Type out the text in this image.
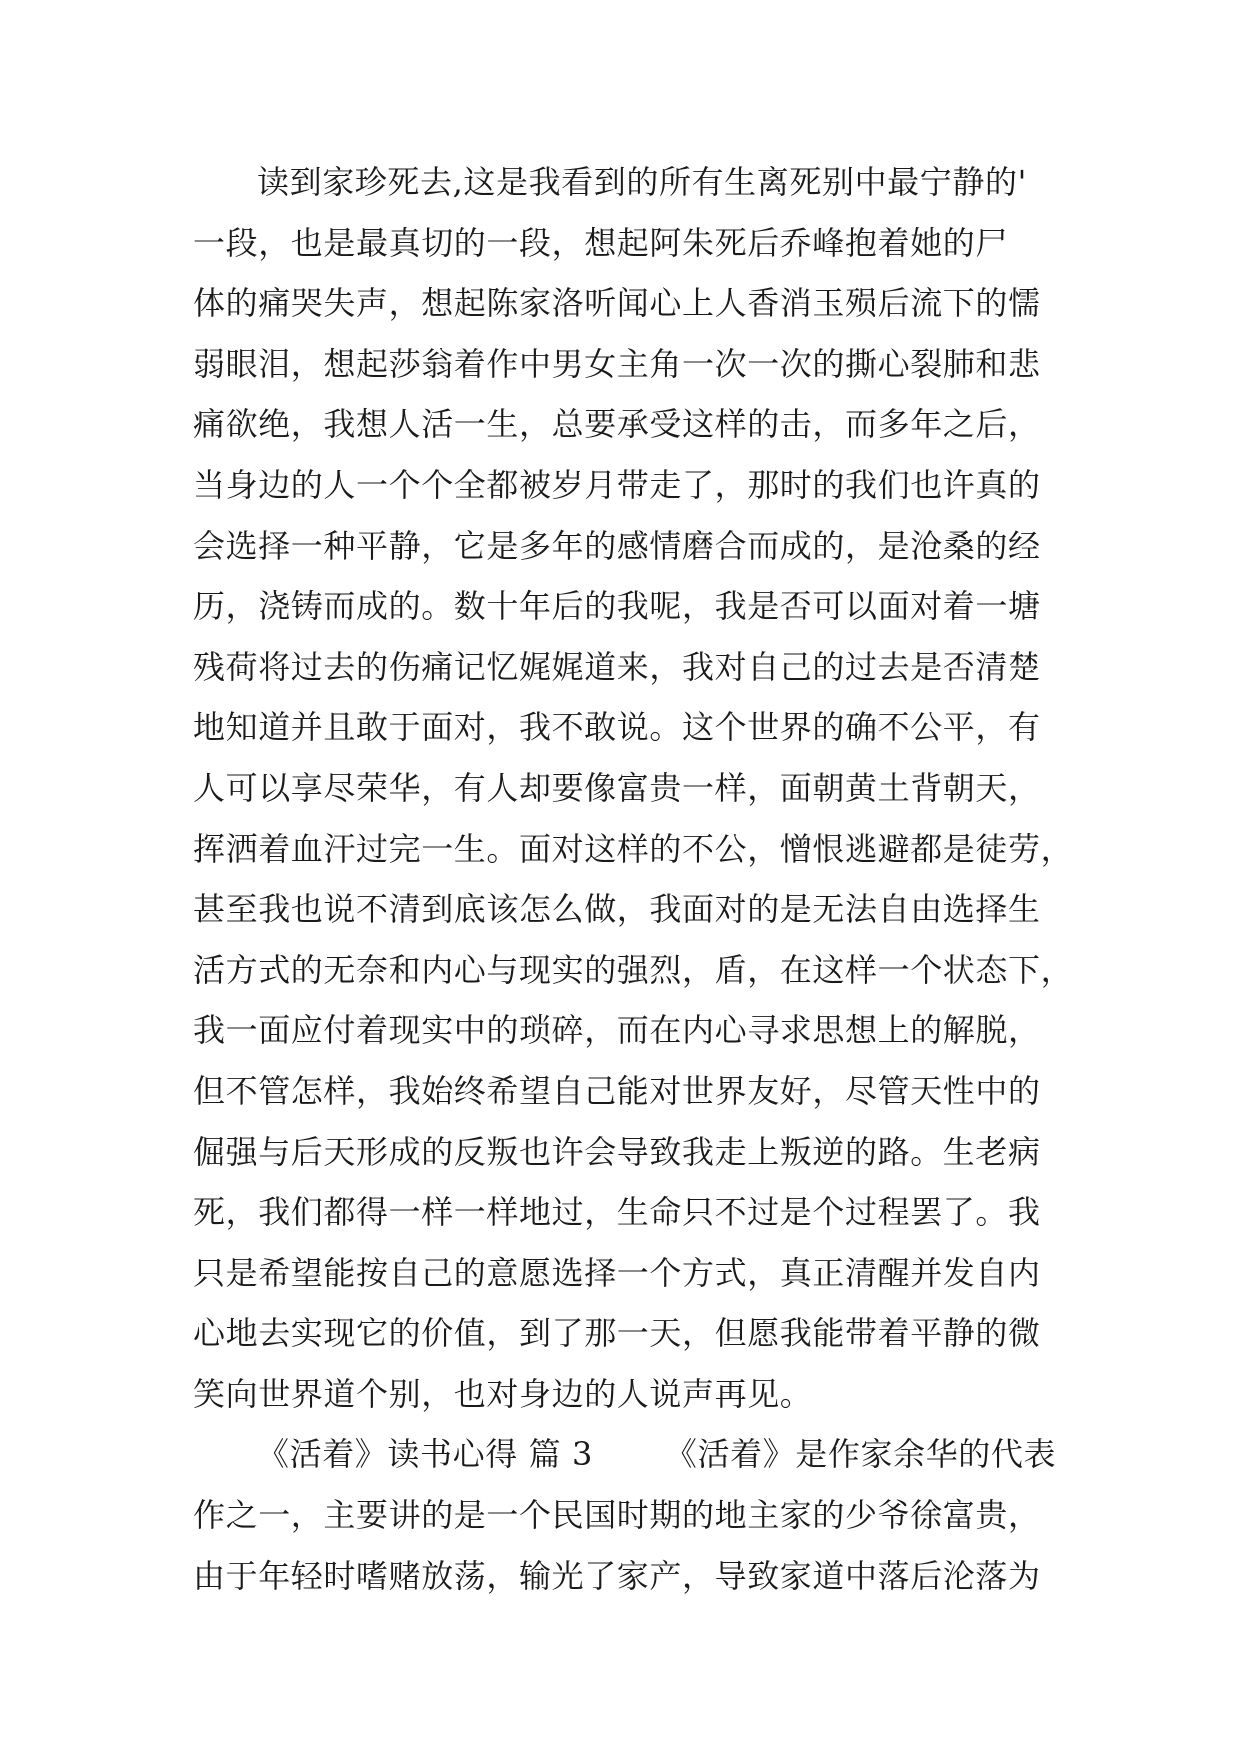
读到家珍死去,这是我看到的所有生离死别中最宁静的'
一段，也是最真切的一段，想起阿朱死后乔峰抱着她的尸
体的痛哭失声，想起陈家洛听闻心上人香消玉殒后流下的懦
弱眼泪，想起莎翁着作中男女主角一次一次的撕心裂肺和悲
痛欲绝，我想人活一生，总要承受这样的击，而多年之后，
当身边的人一个个全都被岁月带走了，那时的我们也许真的
会选择一种平静，它是多年的感情磨合而成的，是沧桑的经
历，浇铸而成的。数十年后的我呢，我是否可以面对着一塘
残荷将过去的伤痛记忆娓娓道来，我对自己的过去是否清楚
地知道并且敢于面对，我不敢说。这个世界的确不公平，有
人可以享尽荣华，有人却要像富贵一样，面朝黄土背朝天，
挥洒着血汗过完一生。面对这样的不公，憎恨逃避都是徒劳，
甚至我也说不清到底该怎么做，我面对的是无法自由选择生
活方式的无奈和内心与现实的强烈，盾，在这样一个状态下，
我一面应付着现实中的琐碎，而在内心寻求思想上的解脱，
但不管怎样，我始终希望自己能对世界友好，尽管天性中的
倔强与后天形成的反叛也许会导致我走上叛逆的路。生老病
死，我们都得一样一样地过，生命只不过是个过程罢了。我
只是希望能按自己的意愿选择一个方式，真正清醒并发自内
心地去实现它的价值，到了那一天，但愿我能带着平静的微
笑向世界道个别，也对身边的人说声再见。
《活着》读书心得 篇 3 《活着》是作家余华的代表
作之一，主要讲的是一个民国时期的地主家的少爷徐富贵，
由于年轻时嗜赌放荡，输光了家产，导致家道中落后沦落为
